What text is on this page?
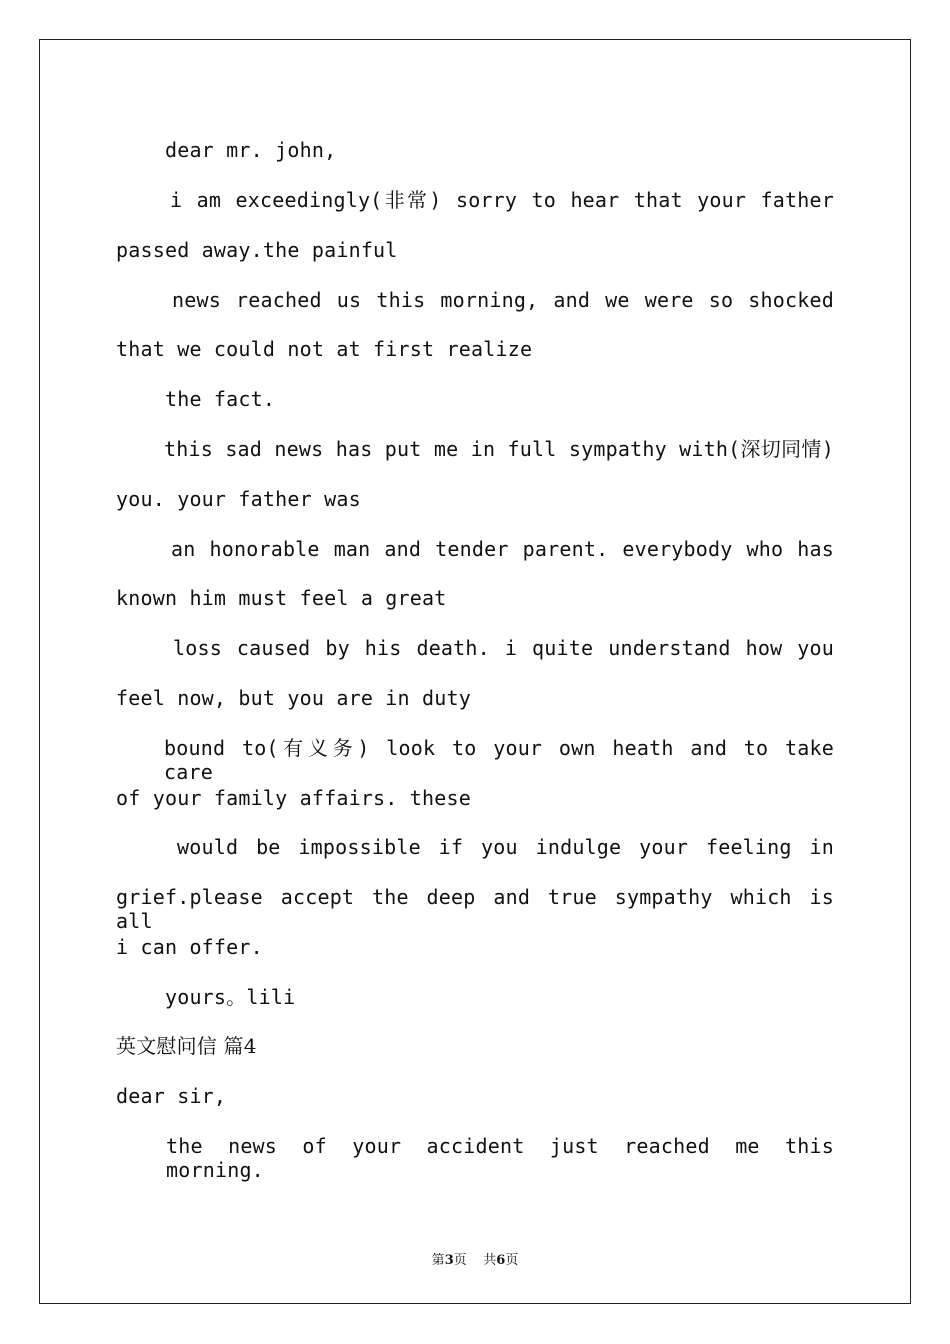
dear mr. john,
i am exceedingly(非常) sorry to hear that your father
passed away.the painful
news reached us this morning, and we were so shocked
that we could not at first realize
the fact.
this sad news has put me in full sympathy with(深切同情)
you. your father was
an honorable man and tender parent. everybody who has
known him must feel a great
loss caused by his death. i quite understand how you
feel now, but you are in duty
bound to(有义务) look to your own heath and to take care
of your family affairs. these
would be impossible if you indulge your feeling in
grief.please accept the deep and true sympathy which is all
i can offer.
yours。lili
英文慰问信 篇4
dear sir,
the news of your accident just reached me this morning.
第3页    共6页
